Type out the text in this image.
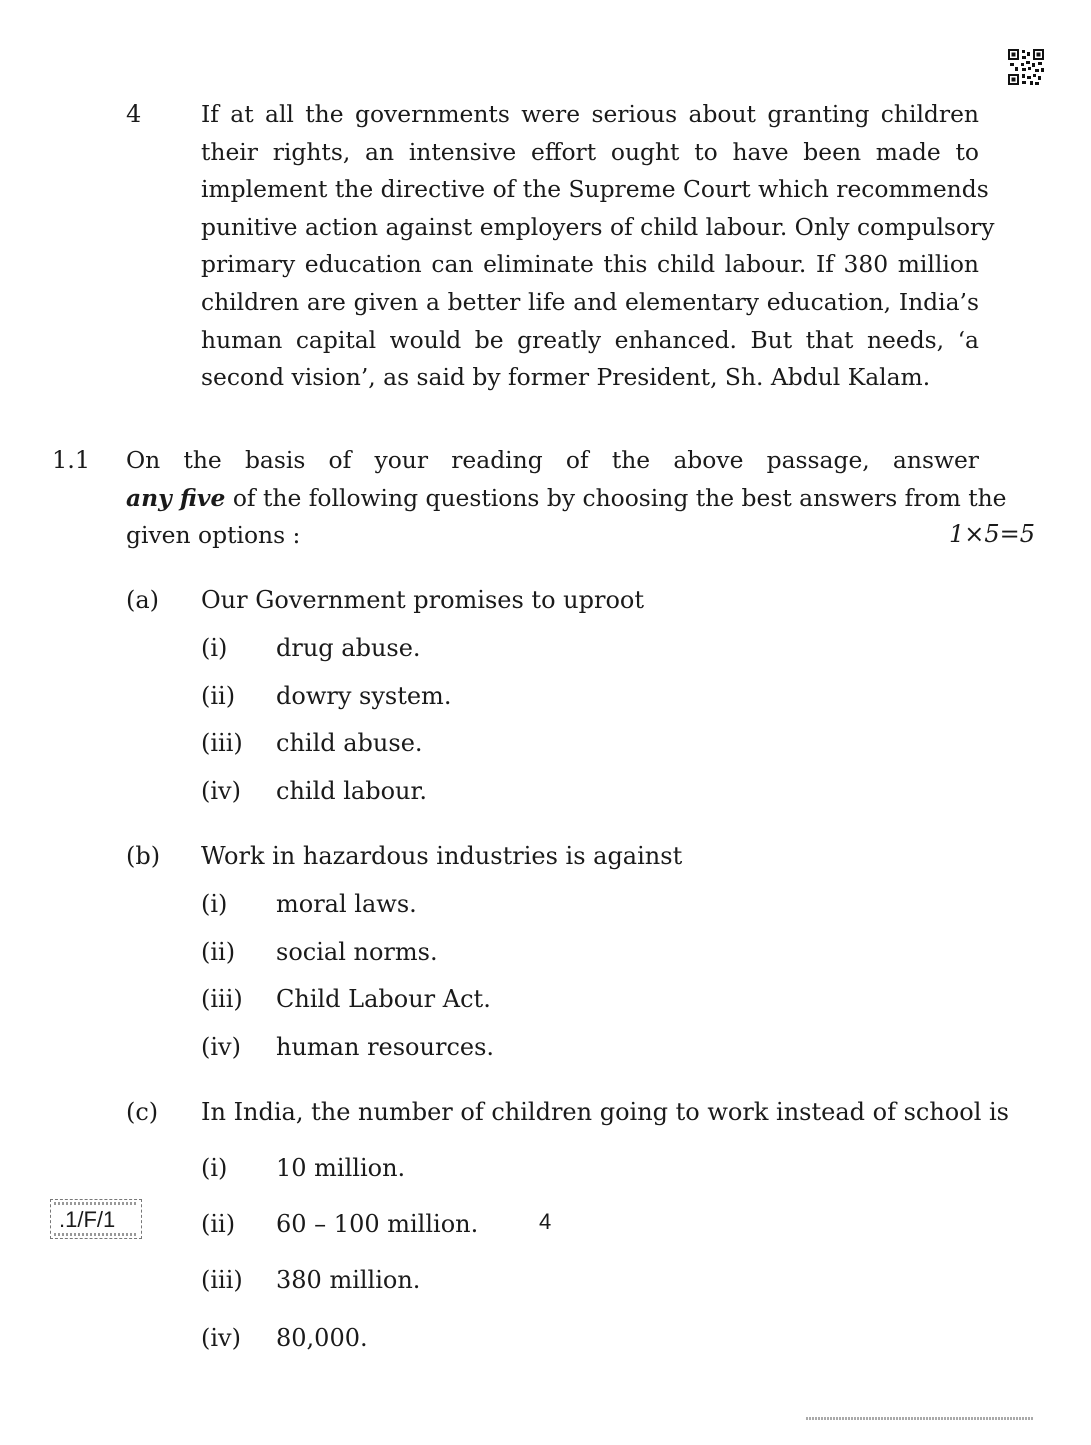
4	If at all the governments were serious about granting children
their rights, an intensive effort ought to have been made to
implement the directive of the Supreme Court which recommends
punitive action against employers of child labour. Only compulsory
primary education can eliminate this child labour. If 380 million
children are given a better life and elementary education, India’s
human capital would be greatly enhanced. But that needs, ‘a
second vision’, as said by former President, Sh. Abdul Kalam.
1.1 On the basis of your reading of the above passage, answer
any five of the following questions by choosing the best answers from the
given options :	1×5=5
(a) Our Government promises to uproot
(i) drug abuse.
(ii) dowry system.
(iii) child abuse.
(iv) child labour.
(b) Work in hazardous industries is against
(i) moral laws.
(ii) social norms.
(iii) Child Labour Act.
(iv) human resources.
(c) In India, the number of children going to work instead of school is
(i) 10 million.
(ii) 60 – 100 million.
(iii) 380 million.
(iv) 80,000.
.1/F/1	4
